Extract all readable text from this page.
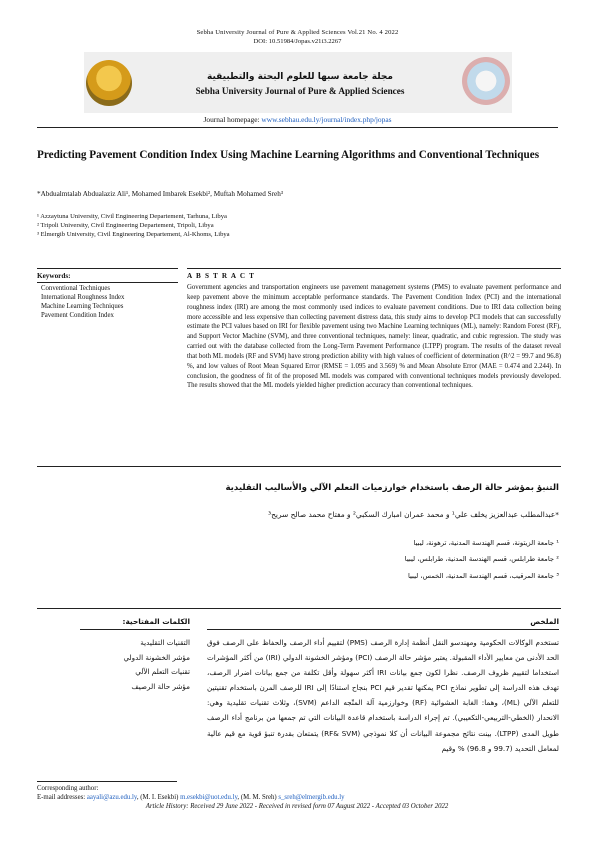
Sebha University Journal of Pure & Applied Sciences Vol.21 No. 4 2022
DOI: 10.51984/Jopas.v21i3.2267
مجلة جامعة سبها للعلوم البحتة والتطبيقية
Sebha University Journal of Pure & Applied Sciences
Journal homepage: www.sebhau.edu.ly/journal/index.php/jopas
Predicting Pavement Condition Index Using Machine Learning Algorithms and Conventional Techniques
*Abdualmtalab Abdualaziz Ali¹, Mohamed Imbarek Esekbi², Muftah Mohamed Sreh³
¹ Azzaytuna University, Civil Engineering Departement, Tarhuna, Libya
² Tripoli University, Civil Engineering Departement, Tripoli, Libya
³ Elmergib University, Civil Engineering Departement, Al-Khoms, Libya
Keywords:
Conventional Techniques
International Roughness Index
Machine Learning Techniques
Pavement Condition Index
A B S T R A C T
Government agencies and transportation engineers use pavement management systems (PMS) to evaluate pavement performance and keep pavement above the minimum acceptable performance standards. The Pavement Condition Index (PCI) and the international roughness index (IRI) are among the most commonly used indices to evaluate pavement conditions. Due to IRI data collection being more accessible and less expensive than collecting pavement distress data, this study aims to develop PCI models that can successfully estimate the PCI values based on IRI for flexible pavement using two Machine Learning techniques (ML), namely: Random Forest (RF), and Support Vector Machine (SVM), and three conventional techniques, namely: linear, quadratic, and cubic regression. The study was carried out with the database collected from the Long-Term Pavement Performance (LTPP) program. The results of the dataset reveal that both ML models (RF and SVM) have strong prediction ability with high values of coefficient of determination (R^2 = 99.7 and 96.8) %, and low values of Root Mean Squared Error (RMSE = 1.095 and 3.569) % and Mean Absolute Error (MAE = 0.474 and 2.244). In conclusion, the goodness of fit of the proposed ML models was compared with conventional techniques models previously developed. The results showed that the ML models yielded higher prediction accuracy than conventional techniques.
التنبؤ بمؤشر حالة الرصف باستخدام خوارزميات التعلم الآلي والأساليب التقليدية
*عبدالمطلب عبدالعزيز يخلف علي¹ و محمد عمران امبارك السكبي² و مفتاح محمد صالح سريح³
¹ جامعة الزيتونة، قسم الهندسة المدنية، ترهونة، ليبيا
² جامعة طرابلس، قسم الهندسة المدنية، طرابلس، ليبيا
³ جامعة المرقيب، قسم الهندسة المدنية، الخمس، ليبيا
الكلمات المفتاحية:
التقنيات التقليدية
مؤشر الخشونة الدولي
تقنيات التعلم الآلي
مؤشر حالة الرصيف
الملخص
تستخدم الوكالات الحكومية ومهندسو النقل أنظمة إدارة الرصف (PMS) لتقييم أداء الرصف والحفاظ على الرصف فوق الحد الأدنى من معايير الأداء المقبولة. يعتبر مؤشر حالة الرصف (PCI) ومؤشر الخشونة الدولي (IRI) من أكثر المؤشرات استخداما لتقييم ظروف الرصف. نظرا لكون جمع بيانات IRI أكثر سهولة وأقل تكلفة من جمع بيانات اضرار الرصف، تهدف هذه الدراسة إلى تطوير نماذج PCI يمكنها تقدير قيم PCI بنجاح استنادًا إلى IRI للرصف المرن باستخدام تقنيتين للتعلم الآلي (ML)، وهما: الغابة العشوائية (RF) وخوارزمية آلة المتّجه الداعم (SVM)، وثلاث تقنيات تقليدية وهي: الانحدار (الخطي-التربيعي-التكعيبي). تم إجراء الدراسة باستخدام قاعدة البيانات التي تم جمعها من برنامج أداء الرصف طويل المدى (LTPP). بينت نتائج مجموعة البيانات أن كلا نموذجي (RF& SVM) يتمتعان بقدرة تنبؤ قوية مع قيم عالية لمعامل التحديد (99.7 و 96.8) % وقيم
Corresponding author:
E-mail addresses: aayali@azu.edu.ly, (M. I. Esekbi) m.esekbi@uot.edu.ly, (M. M. Sreh) s_sreh@elmergib.edu.ly
Article History: Received 29 June 2022 - Received in revised form 07 August 2022 - Accepted 03 October 2022
